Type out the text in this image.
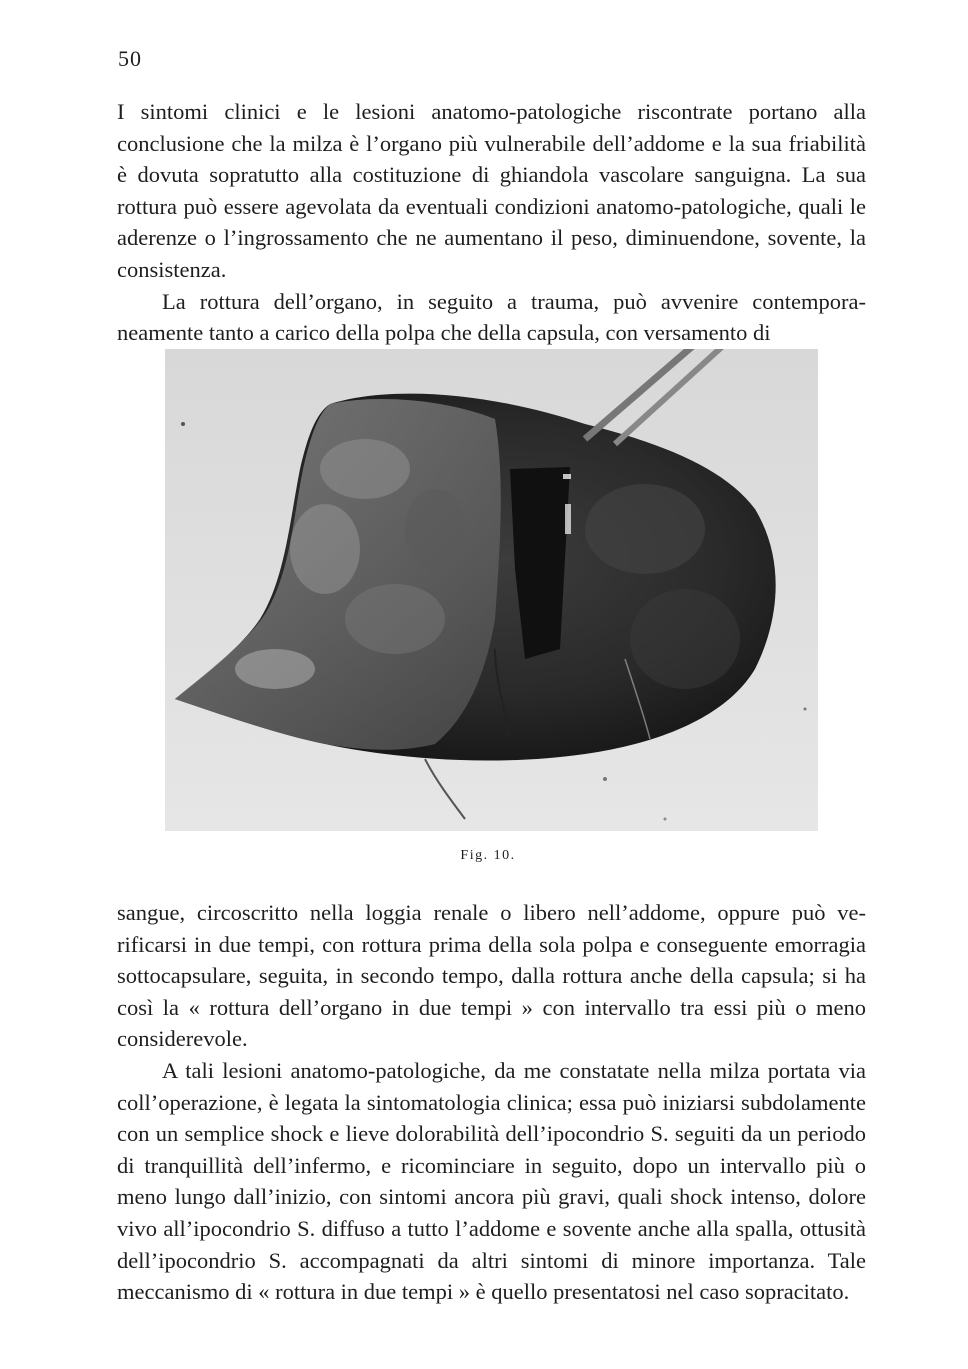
50

I sintomi clinici e le lesioni anatomo-patologiche riscontrate portano alla conclusione che la milza è l’organo più vulnerabile dell’addome e la sua friabilità è dovuta sopratutto alla costituzione di ghiandola vascolare sanguigna. La sua rottura può essere agevolata da eventuali condizioni anatomo-patologiche, quali le aderenze o l’ingrossamento che ne aumentano il peso, diminuendone, sovente, la consistenza.

La rottura dell’organo, in seguito a trauma, può avvenire contemporaneamente tanto a carico della polpa che della capsula, con versamento di

Fig. 10.

sangue, circoscritto nella loggia renale o libero nell’addome, oppure può verificarsi in due tempi, con rottura prima della sola polpa e conseguente emorragia sottocapsulare, seguita, in secondo tempo, dalla rottura anche della capsula; si ha così la « rottura dell’organo in due tempi » con intervallo tra essi più o meno considerevole.

A tali lesioni anatomo-patologiche, da me constatate nella milza portata via coll’operazione, è legata la sintomatologia clinica; essa può iniziarsi subdolamente con un semplice shock e lieve dolorabilità dell’ipocondrio S. seguiti da un periodo di tranquillità dell’infermo, e ricominciare in seguito, dopo un intervallo più o meno lungo dall’inizio, con sintomi ancora più gravi, quali shock intenso, dolore vivo all’ipocondrio S. diffuso a tutto l’addome e sovente anche alla spalla, ottusità dell’ipocondrio S. accompagnati da altri sintomi di minore importanza. Tale meccanismo di « rottura in due tempi » è quello presentatosi nel caso sopracitato.
